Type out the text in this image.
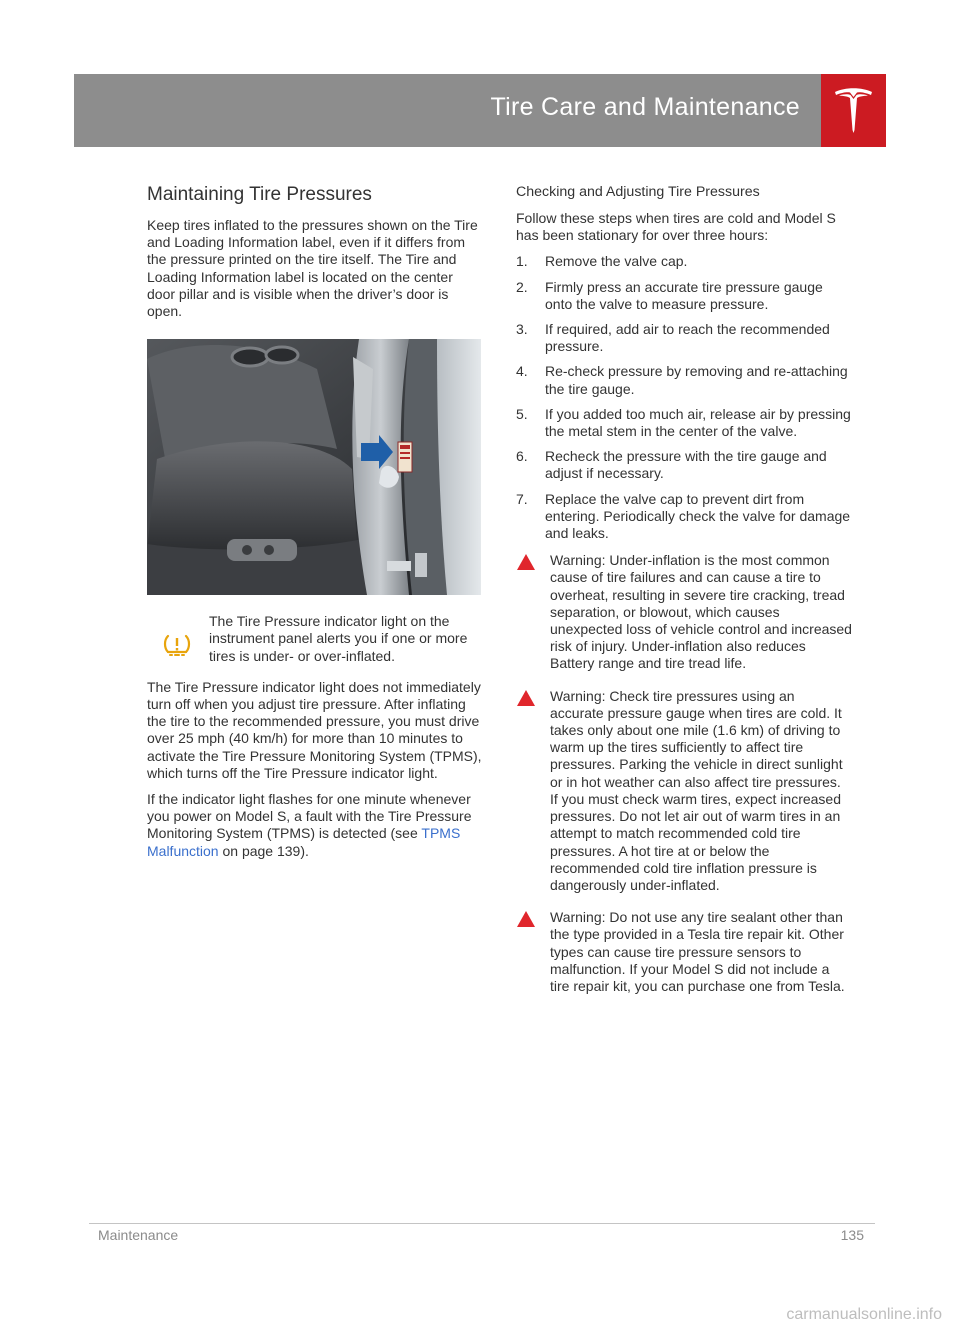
Tire Care and Maintenance
Maintaining Tire Pressures

Keep tires inflated to the pressures shown on the Tire and Loading Information label, even if it differs from the pressure printed on the tire itself. The Tire and Loading Information label is located on the center door pillar and is visible when the driver’s door is open.

The Tire Pressure indicator light on the instrument panel alerts you if one or more tires is under- or over-inflated.

The Tire Pressure indicator light does not immediately turn off when you adjust tire pressure. After inflating the tire to the recommended pressure, you must drive over 25 mph (40 km/h) for more than 10 minutes to activate the Tire Pressure Monitoring System (TPMS), which turns off the Tire Pressure indicator light.

If the indicator light flashes for one minute whenever you power on Model S, a fault with the Tire Pressure Monitoring System (TPMS) is detected (see TPMS Malfunction on page 139).

Checking and Adjusting Tire Pressures

Follow these steps when tires are cold and Model S has been stationary for over three hours:

1. Remove the valve cap.
2. Firmly press an accurate tire pressure gauge onto the valve to measure pressure.
3. If required, add air to reach the recommended pressure.
4. Re-check pressure by removing and re-attaching the tire gauge.
5. If you added too much air, release air by pressing the metal stem in the center of the valve.
6. Recheck the pressure with the tire gauge and adjust if necessary.
7. Replace the valve cap to prevent dirt from entering. Periodically check the valve for damage and leaks.

Warning: Under-inflation is the most common cause of tire failures and can cause a tire to overheat, resulting in severe tire cracking, tread separation, or blowout, which causes unexpected loss of vehicle control and increased risk of injury. Under-inflation also reduces Battery range and tire tread life.

Warning: Check tire pressures using an accurate pressure gauge when tires are cold. It takes only about one mile (1.6 km) of driving to warm up the tires sufficiently to affect tire pressures. Parking the vehicle in direct sunlight or in hot weather can also affect tire pressures. If you must check warm tires, expect increased pressures. Do not let air out of warm tires in an attempt to match recommended cold tire pressures. A hot tire at or below the recommended cold tire inflation pressure is dangerously under-inflated.

Warning: Do not use any tire sealant other than the type provided in a Tesla tire repair kit. Other types can cause tire pressure sensors to malfunction. If your Model S did not include a tire repair kit, you can purchase one from Tesla.

Maintenance	135
carmanualsonline.info
